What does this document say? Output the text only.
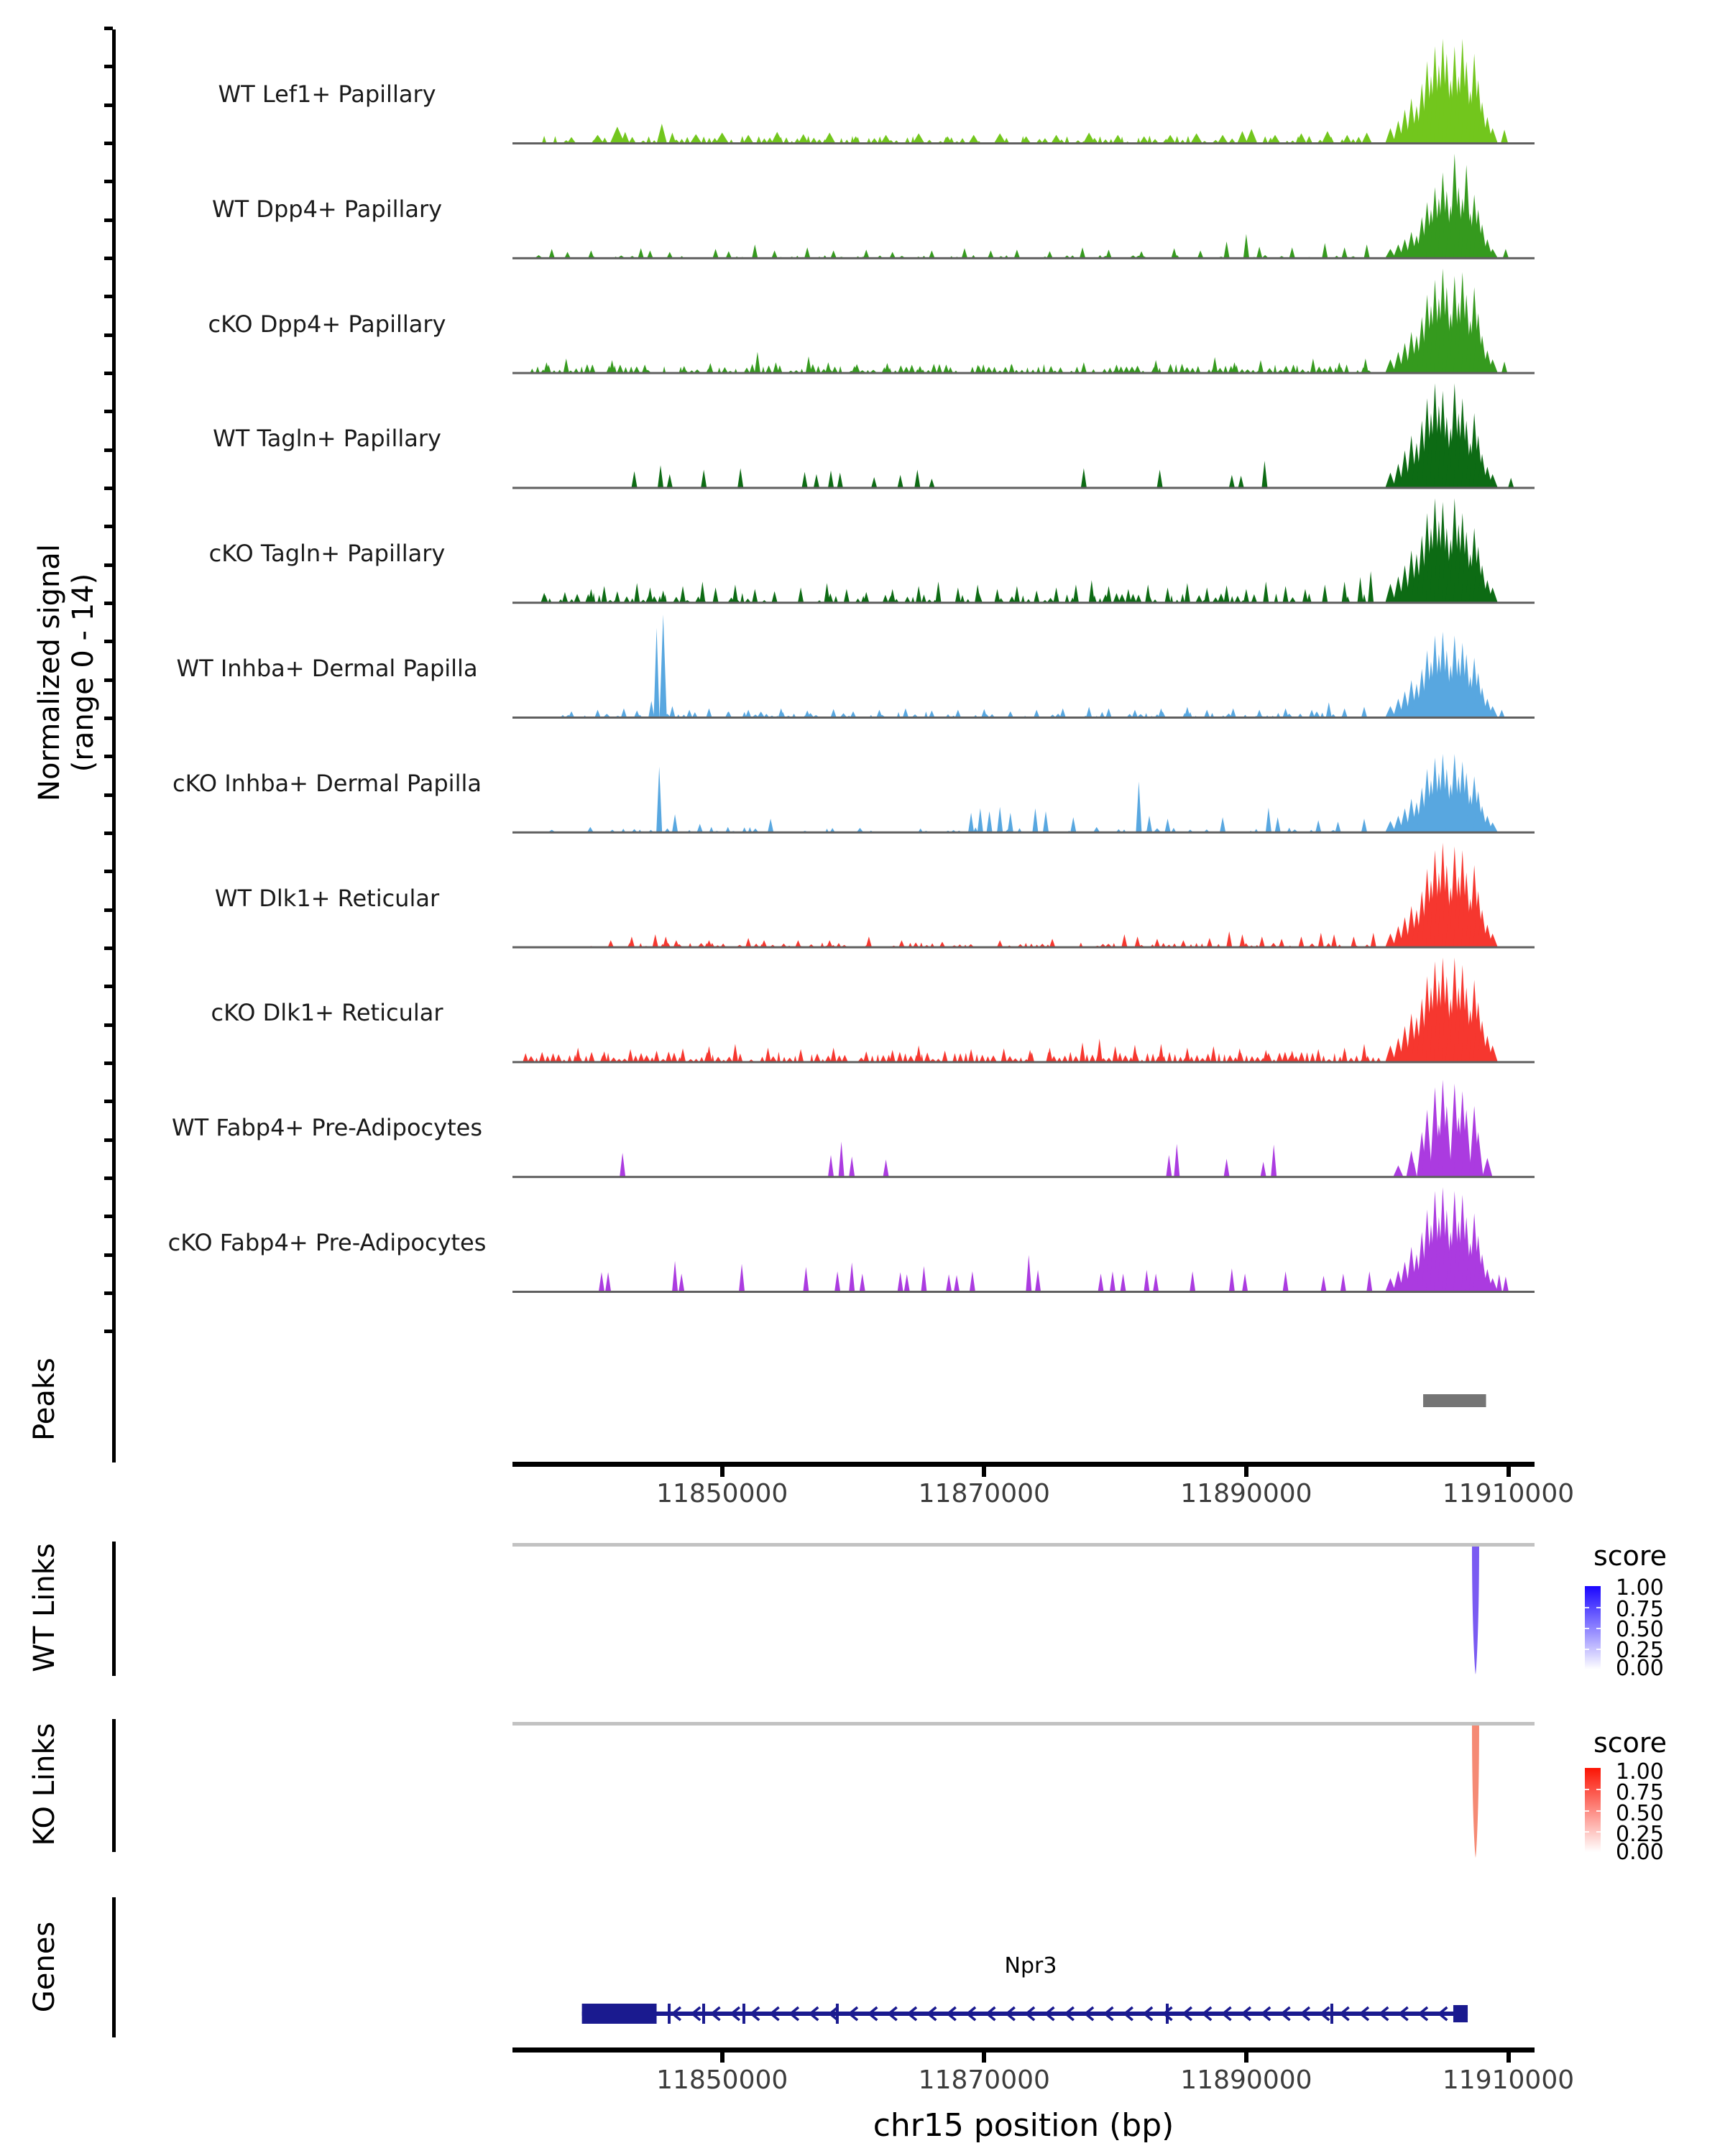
Normalized signal (range 0 - 14)
Peaks
WT Links
KO Links
Genes
score
1.00
0.75
0.50
0.25
0.00
score
1.00
0.75
0.50
0.25
0.00
Npr3
chr15 position (bp)
WT Lef1+ Papillary
WT Dpp4+ Papillary
cKO Dpp4+ Papillary
WT Tagln+ Papillary
cKO Tagln+ Papillary
WT Inhba+ Dermal Papilla
cKO Inhba+ Dermal Papilla
WT Dlk1+ Reticular
cKO Dlk1+ Reticular
WT Fabp4+ Pre-Adipocytes
cKO Fabp4+ Pre-Adipocytes
11850000	11870000	11890000	11910000
11850000	11870000	11890000	11910000
